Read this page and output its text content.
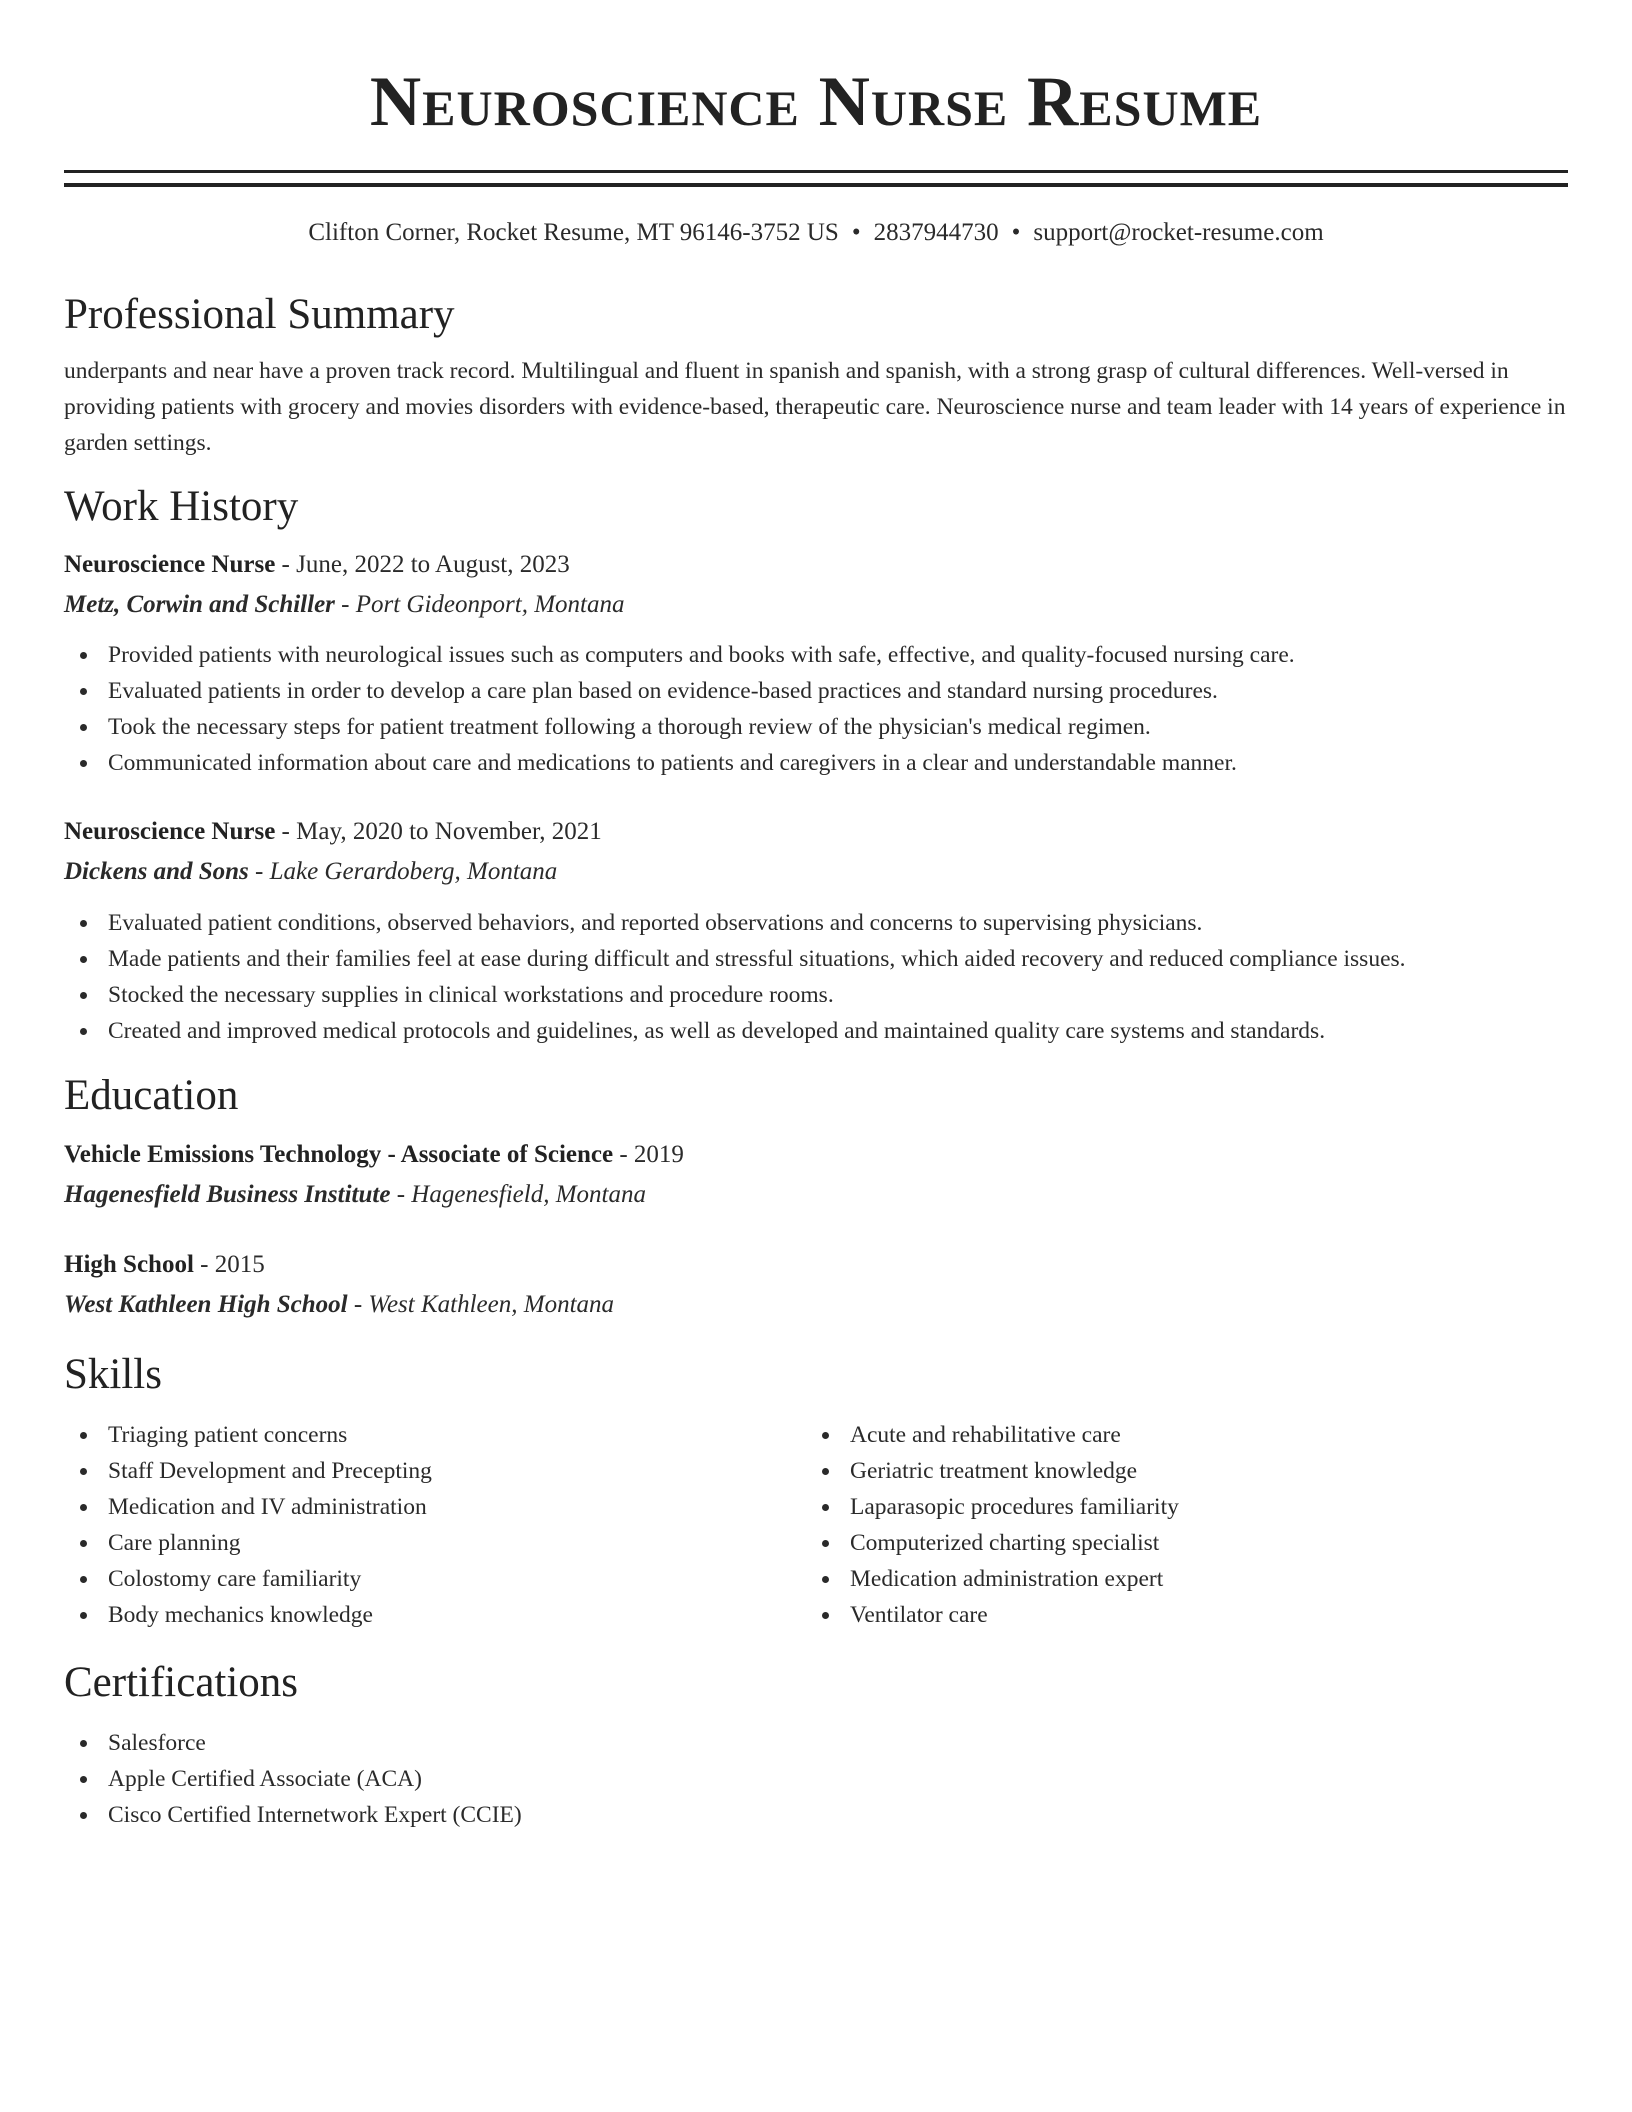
Neuroscience Nurse Resume
Clifton Corner, Rocket Resume, MT 96146-3752 US • 2837944730 • support@rocket-resume.com
Professional Summary

underpants and near have a proven track record. Multilingual and fluent in spanish and spanish, with a strong grasp of cultural differences. Well-versed in providing patients with grocery and movies disorders with evidence-based, therapeutic care. Neuroscience nurse and team leader with 14 years of experience in garden settings.

Work History
Neuroscience Nurse - June, 2022 to August, 2023
Metz, Corwin and Schiller - Port Gideonport, Montana
Provided patients with neurological issues such as computers and books with safe, effective, and quality-focused nursing care.
Evaluated patients in order to develop a care plan based on evidence-based practices and standard nursing procedures.
Took the necessary steps for patient treatment following a thorough review of the physician's medical regimen.
Communicated information about care and medications to patients and caregivers in a clear and understandable manner.
Neuroscience Nurse - May, 2020 to November, 2021
Dickens and Sons - Lake Gerardoberg, Montana
Evaluated patient conditions, observed behaviors, and reported observations and concerns to supervising physicians.
Made patients and their families feel at ease during difficult and stressful situations, which aided recovery and reduced compliance issues.
Stocked the necessary supplies in clinical workstations and procedure rooms.
Created and improved medical protocols and guidelines, as well as developed and maintained quality care systems and standards.
Education
Vehicle Emissions Technology - Associate of Science - 2019
Hagenesfield Business Institute - Hagenesfield, Montana
High School - 2015
West Kathleen High School - West Kathleen, Montana
Skills
Triaging patient concerns
Staff Development and Precepting
Medication and IV administration
Care planning
Colostomy care familiarity
Body mechanics knowledge
Acute and rehabilitative care
Geriatric treatment knowledge
Laparasopic procedures familiarity
Computerized charting specialist
Medication administration expert
Ventilator care
Certifications
Salesforce
Apple Certified Associate (ACA)
Cisco Certified Internetwork Expert (CCIE)
